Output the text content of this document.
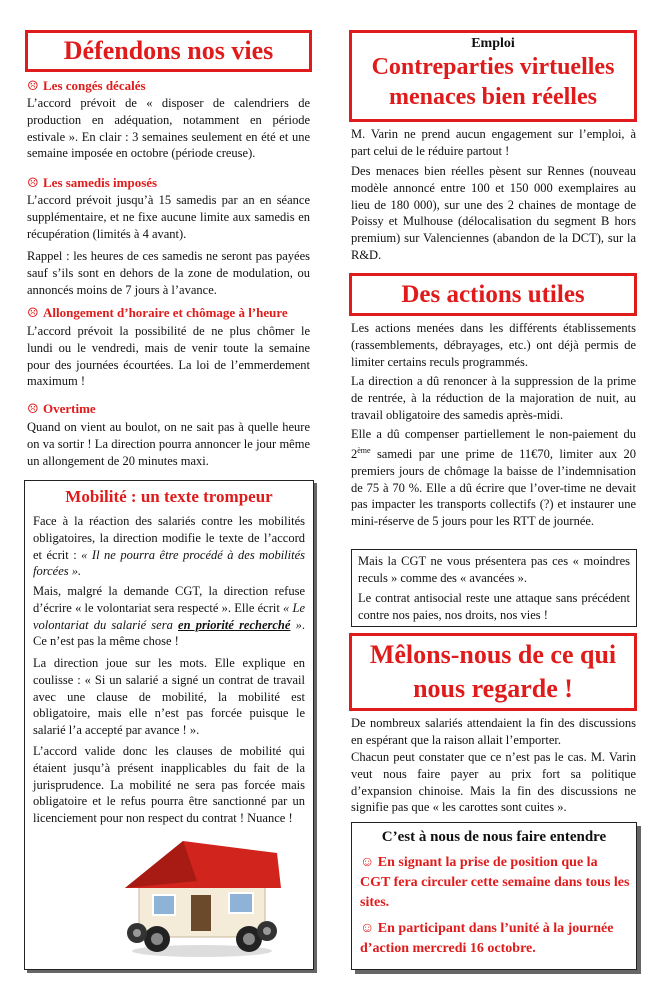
Défendons nos vies
☹ Les congés décalés

L’accord prévoit de « disposer de calendriers de production en adéquation, notamment en période estivale ». En clair : 3 semaines seulement en été et une semaine imposée en octobre (période creuse).

☹ Les samedis imposés

L’accord prévoit jusqu’à 15 samedis par an en séance supplémentaire, et ne fixe aucune limite aux samedis en récupération (limités à 4 avant).

Rappel : les heures de ces samedis ne seront pas payées sauf s’ils sont en dehors de la zone de modulation, ou annoncés moins de 7 jours à l’avance.

☹ Allongement d’horaire et chômage à l’heure

L’accord prévoit la possibilité de ne plus chômer le lundi ou le vendredi, mais de venir toute la semaine pour des journées écourtées. La loi de l’emmerdement maximum !

☹ Overtime

Quand on vient au boulot, on ne sait pas à quelle heure on va sortir ! La direction pourra annoncer le jour même un allongement de 20 minutes maxi.

Mobilité : un texte trompeur

Face à la réaction des salariés contre les mobilités obligatoires, la direction modifie le texte de l’accord et écrit : « Il ne pourra être procédé à des mobilités forcées ».

Mais, malgré la demande CGT, la direction refuse d’écrire « le volontariat sera respecté ». Elle écrit « Le volontariat du salarié sera en priorité recherché ». Ce n’est pas la même chose !

La direction joue sur les mots. Elle explique en coulisse : « Si un salarié a signé un contrat de travail avec une clause de mobilité, la mobilité est obligatoire, mais elle n’est pas forcée puisque le salarié l’a accepté par avance ! ».

L’accord valide donc les clauses de mobilité qui étaient jusqu’à présent inapplicables du fait de la jurisprudence. La mobilité ne sera pas forcée mais obligatoire et le refus pourra être sanctionné par un licenciement pour non respect du contrat ! Nuance !

Emploi
Contreparties virtuelles
menaces bien réelles

M. Varin ne prend aucun engagement sur l’emploi, à part celui de le réduire partout !

Des menaces bien réelles pèsent sur Rennes (nouveau modèle annoncé entre 100 et 150 000 exemplaires au lieu de 180 000), sur une des 2 chaines de montage de Poissy et Mulhouse (délocalisation du segment B hors premium) sur Valenciennes (abandon de la DCT), sur la R&D.

Des actions utiles

Les actions menées dans les différents établissements (rassemblements, débrayages, etc.) ont déjà permis de limiter certains reculs programmés.

La direction a dû renoncer à la suppression de la prime de rentrée, à la réduction de la majoration de nuit, au travail obligatoire des samedis après-midi.

Elle a dû compenser partiellement le non-paiement du 2ème samedi par une prime de 11€70, limiter aux 20 premiers jours de chômage la baisse de l’indemnisation de 75 à 70 %. Elle a dû écrire que l’over-time ne devait pas impacter les transports collectifs (?) et instaurer une mini-réserve de 5 jours pour les RTT de journée.

Mais la CGT ne vous présentera pas ces « moindres reculs » comme des « avancées ».

Le contrat antisocial reste une attaque sans précédent contre nos paies, nos droits, nos vies !

Mêlons-nous de ce qui
nous regarde !

De nombreux salariés attendaient la fin des discussions en espérant que la raison allait l’emporter.

Chacun peut constater que ce n’est pas le cas. M. Varin veut nous faire payer au prix fort sa politique d’expansion chinoise. Mais la fin des discussions ne signifie pas que « les carottes sont cuites ».

C’est à nous de nous faire entendre
☺ En signant la prise de position que la CGT fera circuler cette semaine dans tous les sites.
☺ En participant dans l’unité à la journée d’action mercredi 16 octobre.
